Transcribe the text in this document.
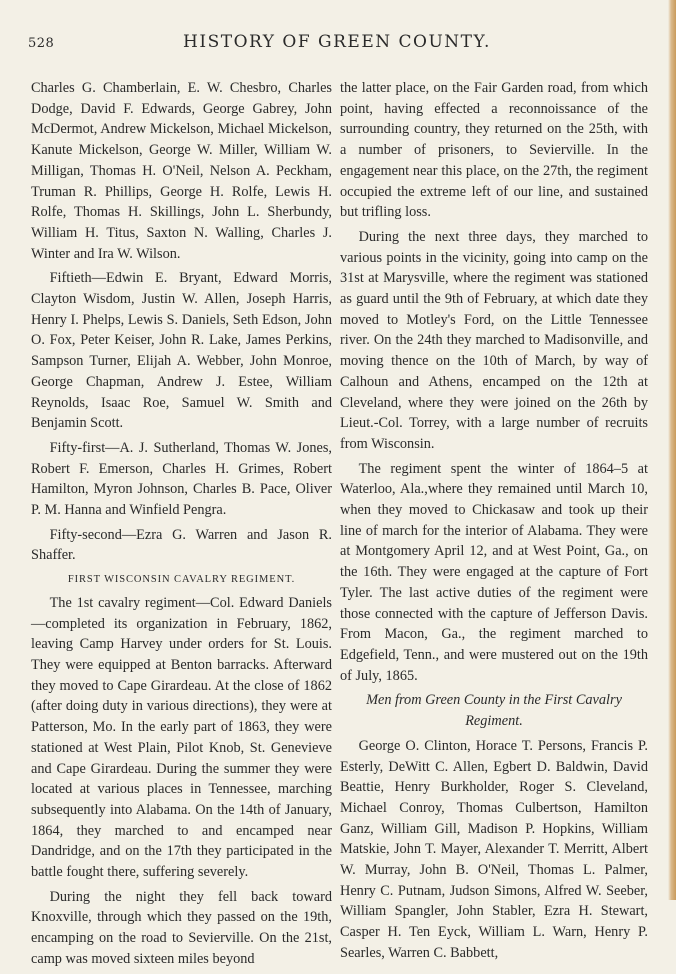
528	HISTORY OF GREEN COUNTY.

Charles G. Chamberlain, E. W. Chesbro, Charles Dodge, David F. Edwards, George Gabrey, John McDermot, Andrew Mickelson, Michael Mickelson, Kanute Mickelson, George W. Miller, William W. Milligan, Thomas H. O'Neil, Nelson A. Peckham, Truman R. Phillips, George H. Rolfe, Lewis H. Rolfe, Thomas H. Skillings, John L. Sherbundy, William H. Titus, Saxton N. Walling, Charles J. Winter and Ira W. Wilson.

Fiftieth—Edwin E. Bryant, Edward Morris, Clayton Wisdom, Justin W. Allen, Joseph Harris, Henry I. Phelps, Lewis S. Daniels, Seth Edson, John O. Fox, Peter Keiser, John R. Lake, James Perkins, Sampson Turner, Elijah A. Webber, John Monroe, George Chapman, Andrew J. Estee, William Reynolds, Isaac Roe, Samuel W. Smith and Benjamin Scott.

Fifty-first—A. J. Sutherland, Thomas W. Jones, Robert F. Emerson, Charles H. Grimes, Robert Hamilton, Myron Johnson, Charles B. Pace, Oliver P. M. Hanna and Winfield Pengra.

Fifty-second—Ezra G. Warren and Jason R. Shaffer.

FIRST WISCONSIN CAVALRY REGIMENT.

The 1st cavalry regiment—Col. Edward Daniels—completed its organization in February, 1862, leaving Camp Harvey under orders for St. Louis. They were equipped at Benton barracks. Afterward they moved to Cape Girardeau. At the close of 1862 (after doing duty in various directions), they were at Patterson, Mo. In the early part of 1863, they were stationed at West Plain, Pilot Knob, St. Genevieve and Cape Girardeau. During the summer they were located at various places in Tennessee, marching subsequently into Alabama. On the 14th of January, 1864, they marched to and encamped near Dandridge, and on the 17th they participated in the battle fought there, suffering severely.

During the night they fell back toward Knoxville, through which they passed on the 19th, encamping on the road to Sevierville. On the 21st, camp was moved sixteen miles beyond

the latter place, on the Fair Garden road, from which point, having effected a reconnoissance of the surrounding country, they returned on the 25th, with a number of prisoners, to Sevierville. In the engagement near this place, on the 27th, the regiment occupied the extreme left of our line, and sustained but trifling loss.

During the next three days, they marched to various points in the vicinity, going into camp on the 31st at Marysville, where the regiment was stationed as guard until the 9th of February, at which date they moved to Motley's Ford, on the Little Tennessee river. On the 24th they marched to Madisonville, and moving thence on the 10th of March, by way of Calhoun and Athens, encamped on the 12th at Cleveland, where they were joined on the 26th by Lieut.-Col. Torrey, with a large number of recruits from Wisconsin.

The regiment spent the winter of 1864–5 at Waterloo, Ala.,where they remained until March 10, when they moved to Chickasaw and took up their line of march for the interior of Alabama. They were at Montgomery April 12, and at West Point, Ga., on the 16th. They were engaged at the capture of Fort Tyler. The last active duties of the regiment were those connected with the capture of Jefferson Davis. From Macon, Ga., the regiment marched to Edgefield, Tenn., and were mustered out on the 19th of July, 1865.

Men from Green County in the First Cavalry Regiment.

George O. Clinton, Horace T. Persons, Francis P. Esterly, DeWitt C. Allen, Egbert D. Baldwin, David Beattie, Henry Burkholder, Roger S. Cleveland, Michael Conroy, Thomas Culbertson, Hamilton Ganz, William Gill, Madison P. Hopkins, William Matskie, John T. Mayer, Alexander T. Merritt, Albert W. Murray, John B. O'Neil, Thomas L. Palmer, Henry C. Putnam, Judson Simons, Alfred W. Seeber, William Spangler, John Stabler, Ezra H. Stewart, Casper H. Ten Eyck, William L. Warn, Henry P. Searles, Warren C. Babbett,
